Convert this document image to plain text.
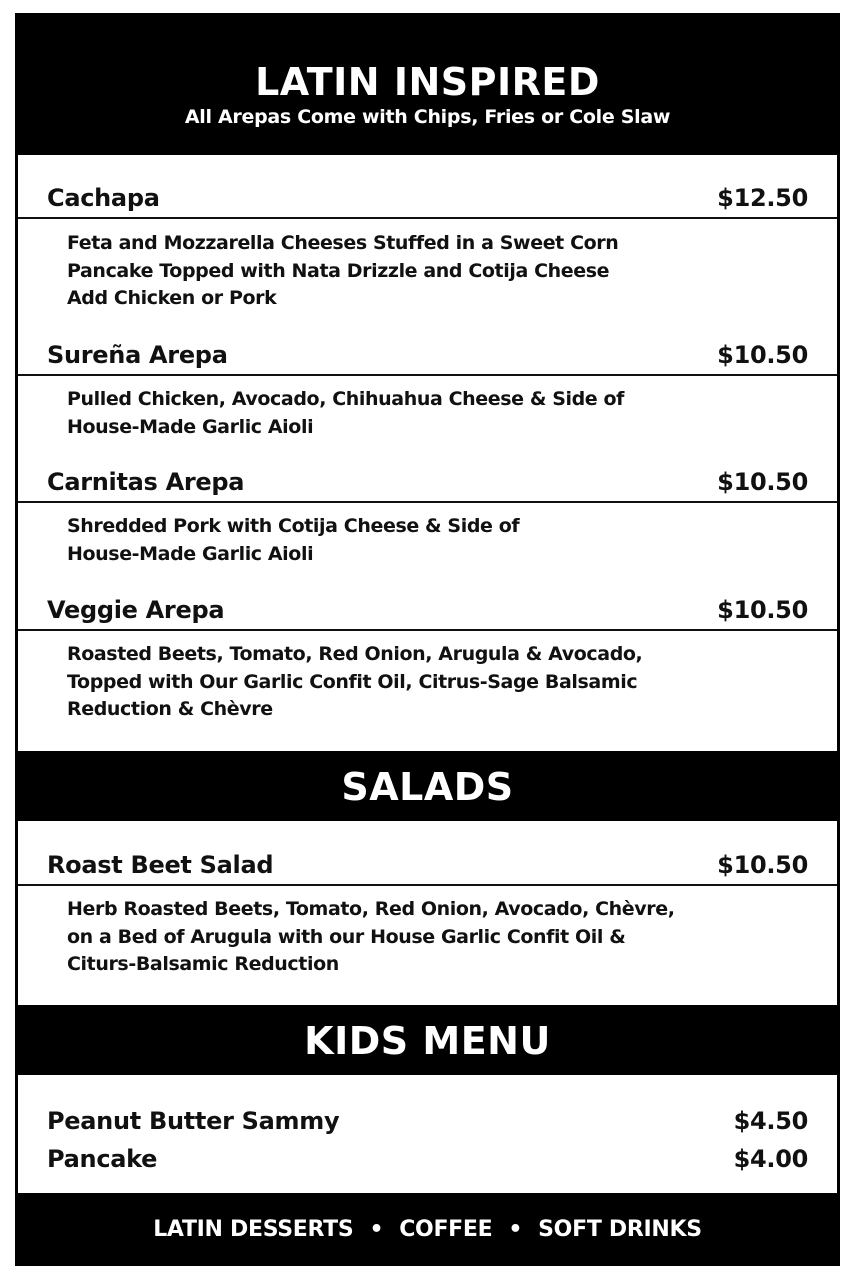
LATIN INSPIRED
All Arepas Come with Chips, Fries or Cole Slaw
Cachapa	$12.50
Feta and Mozzarella Cheeses Stuffed in a Sweet Corn
Pancake Topped with Nata Drizzle and Cotija Cheese
Add Chicken or Pork
Sureña Arepa	$10.50
Pulled Chicken, Avocado, Chihuahua Cheese & Side of
House-Made Garlic Aioli
Carnitas Arepa	$10.50
Shredded Pork with Cotija Cheese & Side of
House-Made Garlic Aioli
Veggie Arepa	$10.50
Roasted Beets, Tomato, Red Onion, Arugula & Avocado,
Topped with Our Garlic Confit Oil, Citrus-Sage Balsamic
Reduction & Chèvre
SALADS
Roast Beet Salad	$10.50
Herb Roasted Beets, Tomato, Red Onion, Avocado, Chèvre,
on a Bed of Arugula with our House Garlic Confit Oil &
Citurs-Balsamic Reduction
KIDS MENU
Peanut Butter Sammy	$4.50
Pancake	$4.00
LATIN DESSERTS • COFFEE • SOFT DRINKS
